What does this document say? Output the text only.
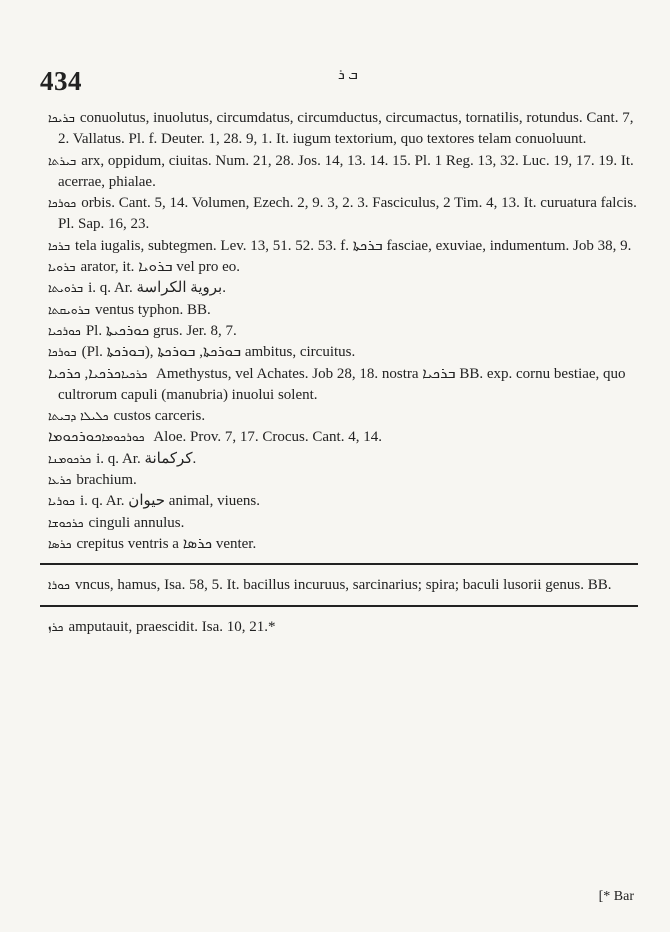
434	ܒ ܪ

ܒܪܝܟܐ conuolutus, inuolutus, circumdatus, circumductus, circumactus, tornatilis, rotundus. Cant. 7, 2. Vallatus. Pl. f. Deuter. 1, 28. 9, 1. It. iugum textorium, quo textores telam conuoluunt.

ܒܝܪܬܐ arx, oppidum, ciuitas. Num. 21, 28. Jos. 14, 13. 14. 15. Pl. 1 Reg. 13, 32. Luc. 19, 17. 19. It. acerrae, phialae.

ܟܘܪܟܐ orbis. Cant. 5, 14. Volumen, Ezech. 2, 9. 3, 2. 3. Fasciculus, 2 Tim. 4, 13. It. curuatura falcis. Pl. Sap. 16, 23.

ܒܪܟܐ tela iugalis, subtegmen. Lev. 13, 51. 52. 53. f. ܒܪܟܬܐ fasciae, exuviae, indumentum. Job 38, 9.

ܒܪܘܝܐ arator, it. ܒܪܘܝܐ vel pro eo.

ܒܪܘܝܬܐ i. q. Ar. ﺑﺮﻭﻳﺔ ﺍﻟﻜﺮﺍﺳﺔ.

ܒܪܘܝܩܬܐ ventus typhon. BB.

ܟܘܪܟܝܐ Pl. ܟܘܪܟܝܬܐ grus. Jer. 8, 7.

ܒܘܪܟܐ (Pl. ܒܘܪܟܬܐ), ܒܘܪܟܬܐ, ܒܘܪܟܬܐ ambitus, circuitus.

ܟܪܟܝܐܟܪܟܝܐ, ܟܪܟܝܐ Amethystus, vel Achates. Job 28, 18. nostra ܒܪܟܝܐ BB. exp. cornu bestiae, quo cultrorum capuli (manubria) inuolui solent.

ܟܠܝܠܐ ܕܒܝܬܐ custos carceris.

ܟܘܪܟܘܡܐܟܘܪܟܘܡܐ Aloe. Prov. 7, 17. Crocus. Cant. 4, 14.

ܟܪܟܘܡܢܐ i. q. Ar. ﻛﺮﻛﻤﺎﻧﺔ.

ܟܪܥܐ brachium.

ܟܘܪܝܐ i. q. Ar. ﺣﻴﻮﺍﻥ animal, viuens.

ܟܪܟܘܫܐ cinguli annulus.

ܟܪܣܐ crepitus ventris a ܟܪܣܐ venter.

ܟܘܪܐ vncus, hamus, Isa. 58, 5. It. bacillus incuruus, sarcinarius; spira; baculi lusorii genus. BB.

ܟܪܙ amputauit, praescidit. Isa. 10, 21.*

[* Bar
